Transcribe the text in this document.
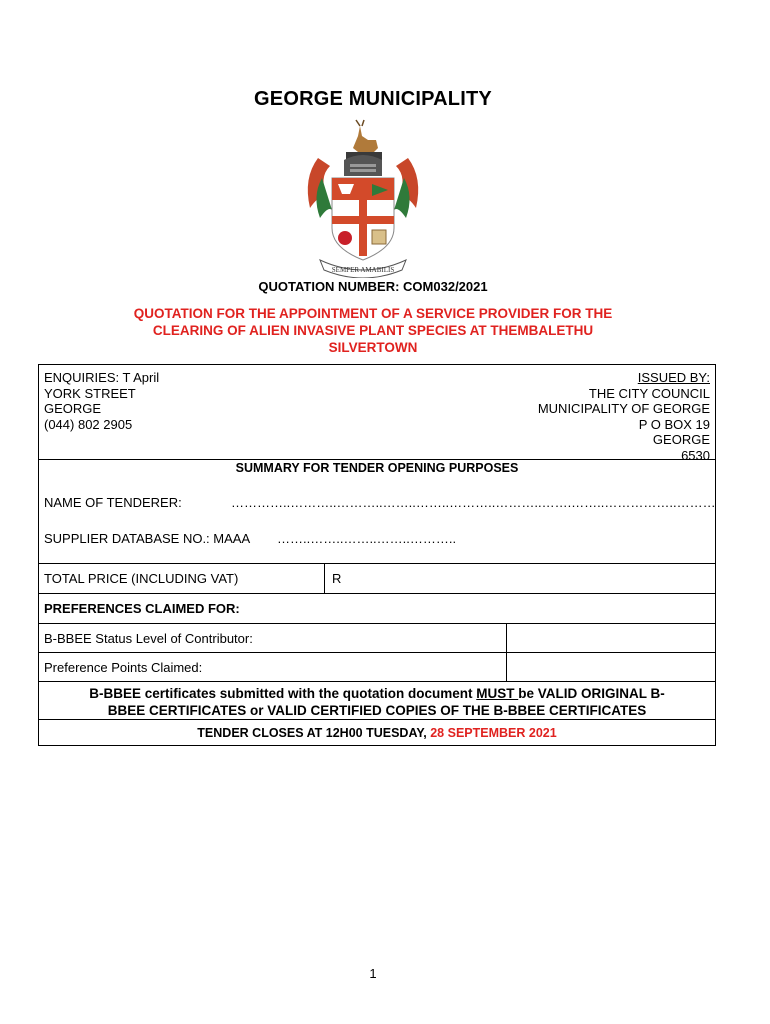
GEORGE MUNICIPALITY
SEMPER AMABILIS
QUOTATION NUMBER: COM032/2021
QUOTATION FOR THE APPOINTMENT OF A SERVICE PROVIDER FOR THE
CLEARING OF ALIEN INVASIVE PLANT SPECIES AT THEMBALETHU
SILVERTOWN
ENQUIRIES: T April
YORK STREET
GEORGE
(044) 802 2905
ISSUED BY:
THE CITY COUNCIL
MUNICIPALITY OF GEORGE
P O BOX 19
GEORGE
6530
SUMMARY FOR TENDER OPENING PURPOSES
NAME OF TENDERER:	…………..………..………..……..……..………..………..…….……..……………..………
SUPPLIER DATABASE NO.: MAAA ……..……..……..……..………..
TOTAL PRICE (INCLUDING VAT)	R
PREFERENCES CLAIMED FOR:
B-BBEE Status Level of Contributor:
Preference Points Claimed:
B-BBEE certificates submitted with the quotation document MUST be VALID ORIGINAL B-
BBEE CERTIFICATES or VALID CERTIFIED COPIES OF THE B-BBEE CERTIFICATES
TENDER CLOSES AT 12H00 TUESDAY, 28 SEPTEMBER 2021
1
